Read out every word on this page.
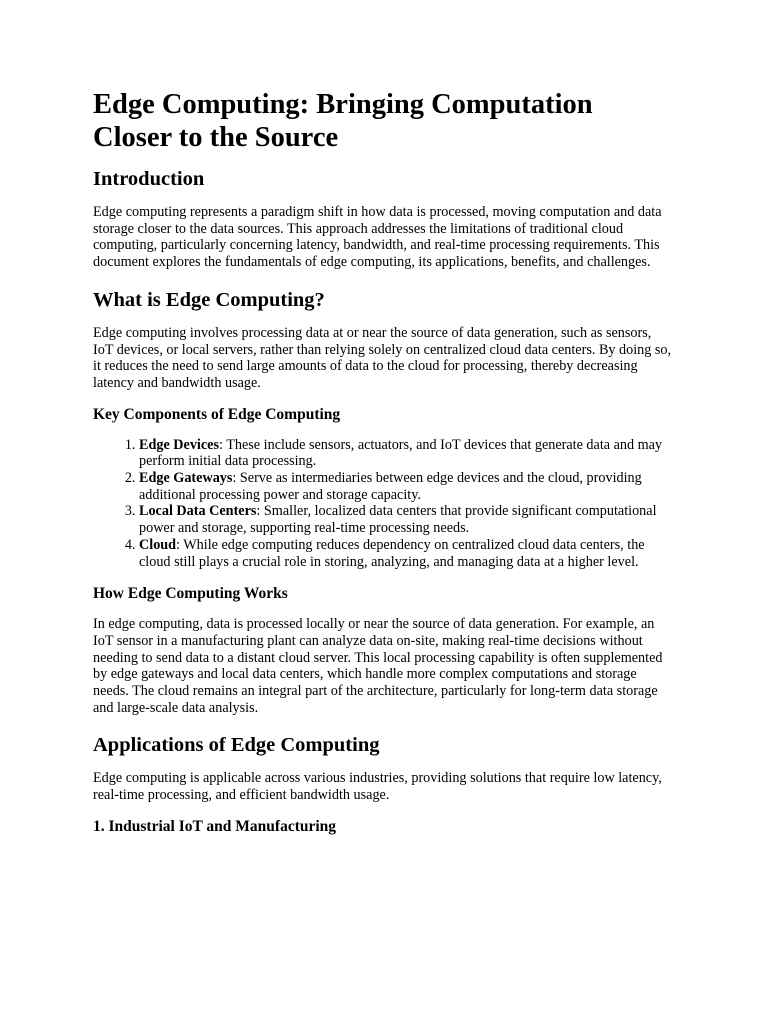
Edge Computing: Bringing Computation Closer to the Source
Introduction

Edge computing represents a paradigm shift in how data is processed, moving computation and data storage closer to the data sources. This approach addresses the limitations of traditional cloud computing, particularly concerning latency, bandwidth, and real-time processing requirements. This document explores the fundamentals of edge computing, its applications, benefits, and challenges.

What is Edge Computing?

Edge computing involves processing data at or near the source of data generation, such as sensors, IoT devices, or local servers, rather than relying solely on centralized cloud data centers. By doing so, it reduces the need to send large amounts of data to the cloud for processing, thereby decreasing latency and bandwidth usage.

Key Components of Edge Computing
1. Edge Devices: These include sensors, actuators, and IoT devices that generate data and may perform initial data processing.
2. Edge Gateways: Serve as intermediaries between edge devices and the cloud, providing additional processing power and storage capacity.
3. Local Data Centers: Smaller, localized data centers that provide significant computational power and storage, supporting real-time processing needs.
4. Cloud: While edge computing reduces dependency on centralized cloud data centers, the cloud still plays a crucial role in storing, analyzing, and managing data at a higher level.
How Edge Computing Works

In edge computing, data is processed locally or near the source of data generation. For example, an IoT sensor in a manufacturing plant can analyze data on-site, making real-time decisions without needing to send data to a distant cloud server. This local processing capability is often supplemented by edge gateways and local data centers, which handle more complex computations and storage needs. The cloud remains an integral part of the architecture, particularly for long-term data storage and large-scale data analysis.

Applications of Edge Computing

Edge computing is applicable across various industries, providing solutions that require low latency, real-time processing, and efficient bandwidth usage.

1. Industrial IoT and Manufacturing
